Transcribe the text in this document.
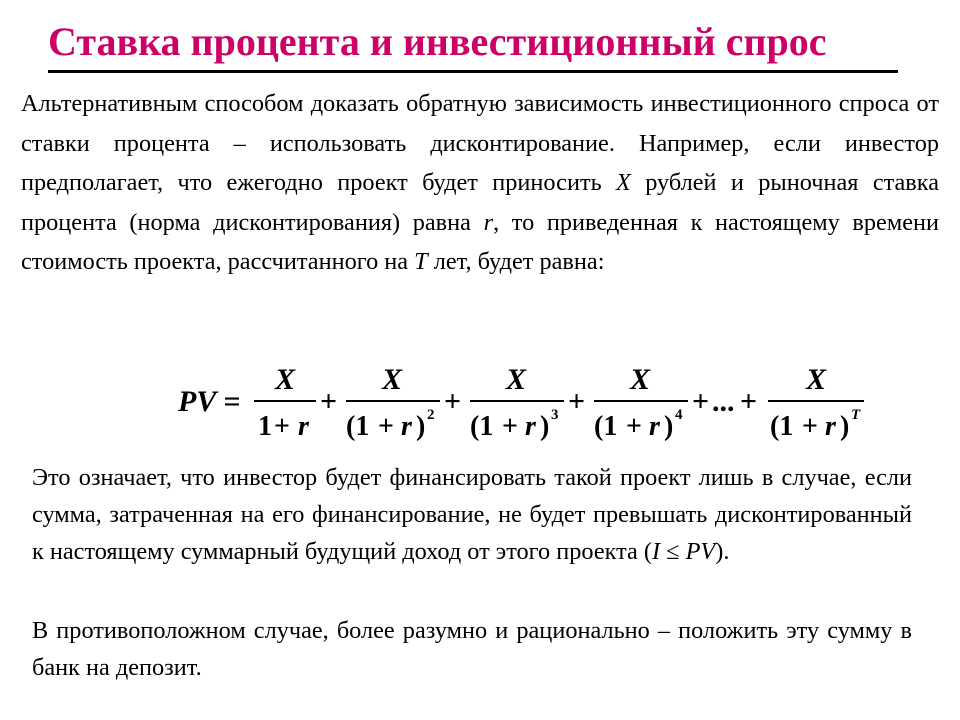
Ставка процента и инвестиционный спрос

Альтернативным способом доказать обратную зависимость инвестиционного спроса от ставки процента – использовать дисконтирование. Например, если инвестор предполагает, что ежегодно проект будет приносить X рублей и рыночная ставка процента (норма дисконтирования) равна r, то приведенная к настоящему времени стоимость проекта, рассчитанного на T лет, будет равна:

PV =
X
1 + r
+
X
(1 + r ) 2 +
X
(1 + r ) 3 +
X
(1 + r ) 4 + ... +
X
(1 + r ) T

Это означает, что инвестор будет финансировать такой проект лишь в случае, если сумма, затраченная на его финансирование, не будет превышать дисконтированный к настоящему суммарный будущий доход от этого проекта (I ≤ PV).

В противоположном случае, более разумно и рационально – положить эту сумму в банк на депозит.
